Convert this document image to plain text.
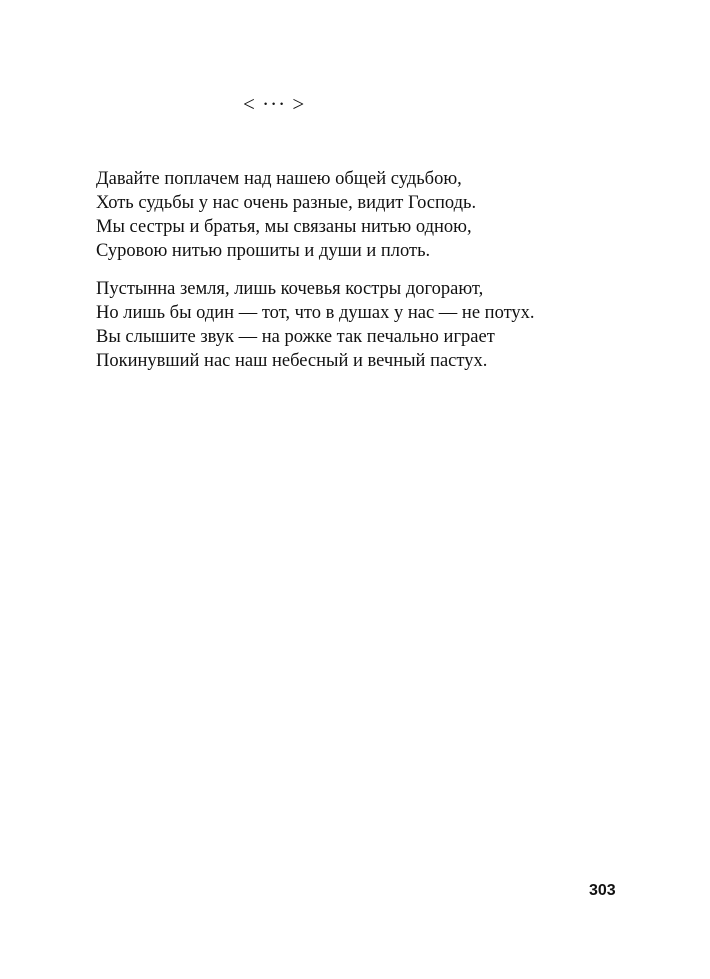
< ··· >
Давайте поплачем над нашею общей судьбою,
Хоть судьбы у нас очень разные, видит Господь.
Мы сестры и братья, мы связаны нитью одною,
Суровою нитью прошиты и души и плоть.
Пустынна земля, лишь кочевья костры догорают,
Но лишь бы один — тот, что в душах у нас — не потух.
Вы слышите звук — на рожке так печально играет
Покинувший нас наш небесный и вечный пастух.
303
